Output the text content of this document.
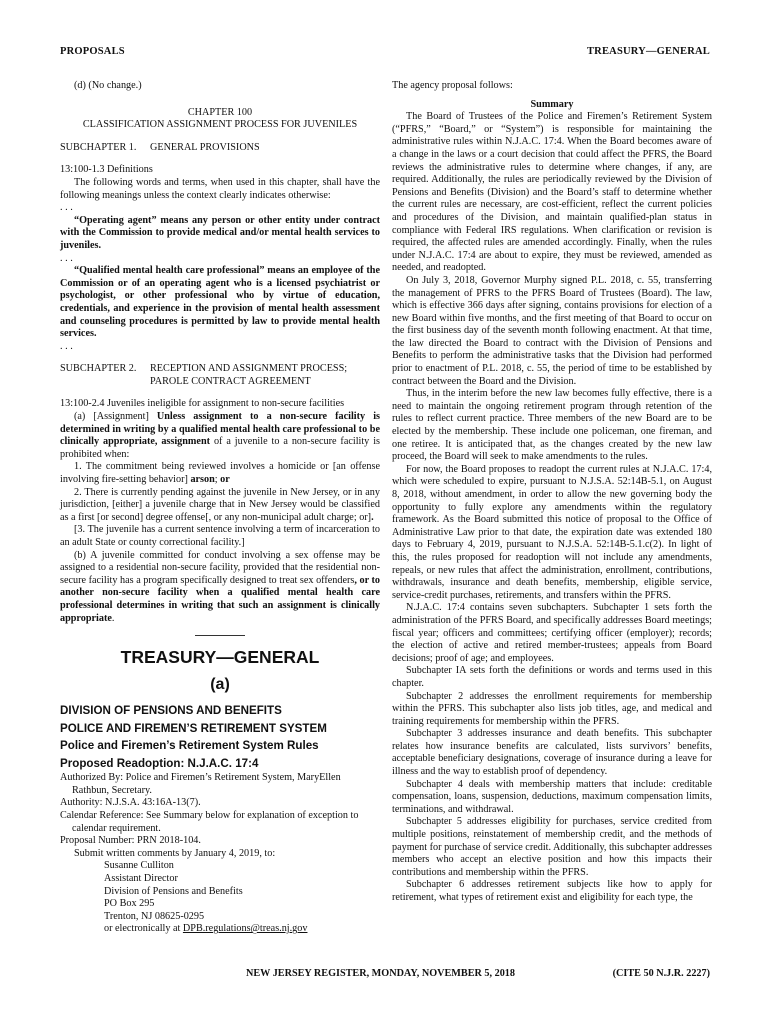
PROPOSALS	TREASURY—GENERAL

(d) (No change.)

CHAPTER 100

CLASSIFICATION ASSIGNMENT PROCESS FOR JUVENILES

SUBCHAPTER 1.	GENERAL PROVISIONS

13:100-1.3 Definitions

The following words and terms, when used in this chapter, shall have the following meanings unless the context clearly indicates otherwise:

. . .

“Operating agent” means any person or other entity under contract with the Commission to provide medical and/or mental health services to juveniles.

. . .

“Qualified mental health care professional” means an employee of the Commission or of an operating agent who is a licensed psychiatrist or psychologist, or other professional who by virtue of education, credentials, and experience in the provision of mental health assessment and counseling procedures is permitted by law to provide mental health services.

. . .

SUBCHAPTER 2.	RECEPTION AND ASSIGNMENT PROCESS; PAROLE CONTRACT AGREEMENT

13:100-2.4 Juveniles ineligible for assignment to non-secure facilities

(a) [Assignment] Unless assignment to a non-secure facility is determined in writing by a qualified mental health care professional to be clinically appropriate, assignment of a juvenile to a non-secure facility is prohibited when:

1. The commitment being reviewed involves a homicide or [an offense involving fire-setting behavior] arson; or

2. There is currently pending against the juvenile in New Jersey, or in any jurisdiction, [either] a juvenile charge that in New Jersey would be classified as a first [or second] degree offense[, or any non-municipal adult charge; or].

[3. The juvenile has a current sentence involving a term of incarceration to an adult State or county correctional facility.]

(b) A juvenile committed for conduct involving a sex offense may be assigned to a residential non-secure facility, provided that the residential non-secure facility has a program specifically designed to treat sex offenders, or to another non-secure facility when a qualified mental health care professional determines in writing that such an assignment is clinically appropriate.

TREASURY—GENERAL

(a)

DIVISION OF PENSIONS AND BENEFITS

POLICE AND FIREMEN’S RETIREMENT SYSTEM

Police and Firemen’s Retirement System Rules

Proposed Readoption: N.J.A.C. 17:4

Authorized By: Police and Firemen’s Retirement System, MaryEllen Rathbun, Secretary.

Authority: N.J.S.A. 43:16A-13(7).

Calendar Reference: See Summary below for explanation of exception to calendar requirement.

Proposal Number: PRN 2018-104.

Submit written comments by January 4, 2019, to:

Susanne Culliton

Assistant Director

Division of Pensions and Benefits

PO Box 295

Trenton, NJ 08625-0295

or electronically at DPB.regulations@treas.nj.gov

The agency proposal follows:

Summary

The Board of Trustees of the Police and Firemen’s Retirement System (“PFRS,” “Board,” or “System”) is responsible for maintaining the administrative rules within N.J.A.C. 17:4. When the Board becomes aware of a change in the laws or a court decision that could affect the PFRS, the Board reviews the administrative rules to determine where changes, if any, are required. Additionally, the rules are periodically reviewed by the Division of Pensions and Benefits (Division) and the Board’s staff to determine whether the current rules are necessary, are cost-efficient, reflect the current policies and procedures of the Division, and maintain qualified-plan status in compliance with Federal IRS regulations. When clarification or revision is required, the affected rules are amended accordingly. Finally, when the rules under N.J.A.C. 17:4 are about to expire, they must be reviewed, amended as needed, and readopted.

On July 3, 2018, Governor Murphy signed P.L. 2018, c. 55, transferring the management of PFRS to the PFRS Board of Trustees (Board). The law, which is effective 366 days after signing, contains provisions for election of a new Board within five months, and the first meeting of that Board to occur on the first business day of the seventh month following enactment. At that time, the law directed the Board to contract with the Division of Pensions and Benefits to perform the administrative tasks that the Division had performed prior to enactment of P.L. 2018, c. 55, the period of time to be established by contract between the Board and the Division.

Thus, in the interim before the new law becomes fully effective, there is a need to maintain the ongoing retirement program through retention of the rules to reflect current practice. Three members of the new Board are to be elected by the membership. These include one policeman, one fireman, and one retiree. It is anticipated that, as the changes created by the new law proceed, the Board will seek to make amendments to the rules.

For now, the Board proposes to readopt the current rules at N.J.A.C. 17:4, which were scheduled to expire, pursuant to N.J.S.A. 52:14B-5.1, on August 8, 2018, without amendment, in order to allow the new governing body the opportunity to fully explore any amendments within the regulatory framework. As the Board submitted this notice of proposal to the Office of Administrative Law prior to that date, the expiration date was extended 180 days to February 4, 2019, pursuant to N.J.S.A. 52:14B-5.1.c(2). In light of this, the rules proposed for readoption will not include any amendments, repeals, or new rules that affect the administration, enrollment, contributions, withdrawals, insurance and death benefits, membership, eligible service, service-credit purchases, retirements, and transfers within the PFRS.

N.J.A.C. 17:4 contains seven subchapters. Subchapter 1 sets forth the administration of the PFRS Board, and specifically addresses Board meetings; fiscal year; officers and committees; certifying officer (employer); records; the election of active and retired member-trustees; appeals from Board decisions; proof of age; and employees.

Subchapter IA sets forth the definitions or words and terms used in this chapter.

Subchapter 2 addresses the enrollment requirements for membership within the PFRS. This subchapter also lists job titles, age, and medical and training requirements for membership within the PFRS.

Subchapter 3 addresses insurance and death benefits. This subchapter relates how insurance benefits are calculated, lists survivors’ benefits, acceptable beneficiary designations, coverage of insurance during a leave for illness and the way to establish proof of dependency.

Subchapter 4 deals with membership matters that include: creditable compensation, loans, suspension, deductions, maximum compensation limits, terminations, and withdrawal.

Subchapter 5 addresses eligibility for purchases, service credited from multiple positions, reinstatement of membership credit, and the methods of payment for purchase of service credit. Additionally, this subchapter addresses members who accept an elective position and how this impacts their contributions and membership within the PFRS.

Subchapter 6 addresses retirement subjects like how to apply for retirement, what types of retirement exist and eligibility for each type, the

NEW JERSEY REGISTER, MONDAY, NOVEMBER 5, 2018	(CITE 50 N.J.R. 2227)
